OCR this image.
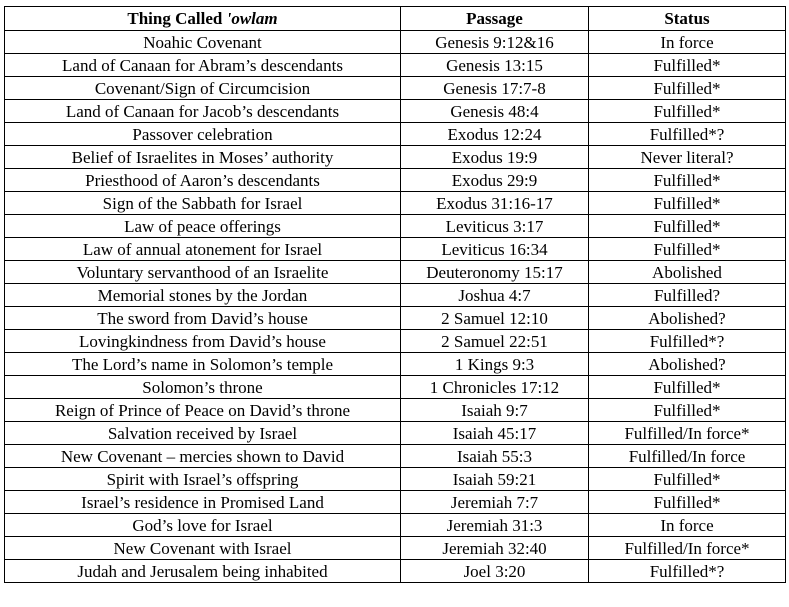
Thing Called 'owlam	Passage	Status
Noahic Covenant	Genesis 9:12&16	In force
Land of Canaan for Abram’s descendants	Genesis 13:15	Fulfilled*
Covenant/Sign of Circumcision	Genesis 17:7-8	Fulfilled*
Land of Canaan for Jacob’s descendants	Genesis 48:4	Fulfilled*
Passover celebration	Exodus 12:24	Fulfilled*?
Belief of Israelites in Moses’ authority	Exodus 19:9	Never literal?
Priesthood of Aaron’s descendants	Exodus 29:9	Fulfilled*
Sign of the Sabbath for Israel	Exodus 31:16-17	Fulfilled*
Law of peace offerings	Leviticus 3:17	Fulfilled*
Law of annual atonement for Israel	Leviticus 16:34	Fulfilled*
Voluntary servanthood of an Israelite	Deuteronomy 15:17	Abolished
Memorial stones by the Jordan	Joshua 4:7	Fulfilled?
The sword from David’s house	2 Samuel 12:10	Abolished?
Lovingkindness from David’s house	2 Samuel 22:51	Fulfilled*?
The Lord’s name in Solomon’s temple	1 Kings 9:3	Abolished?
Solomon’s throne	1 Chronicles 17:12	Fulfilled*
Reign of Prince of Peace on David’s throne	Isaiah 9:7	Fulfilled*
Salvation received by Israel	Isaiah 45:17	Fulfilled/In force*
New Covenant – mercies shown to David	Isaiah 55:3	Fulfilled/In force
Spirit with Israel’s offspring	Isaiah 59:21	Fulfilled*
Israel’s residence in Promised Land	Jeremiah 7:7	Fulfilled*
God’s love for Israel	Jeremiah 31:3	In force
New Covenant with Israel	Jeremiah 32:40	Fulfilled/In force*
Judah and Jerusalem being inhabited	Joel 3:20	Fulfilled*?
